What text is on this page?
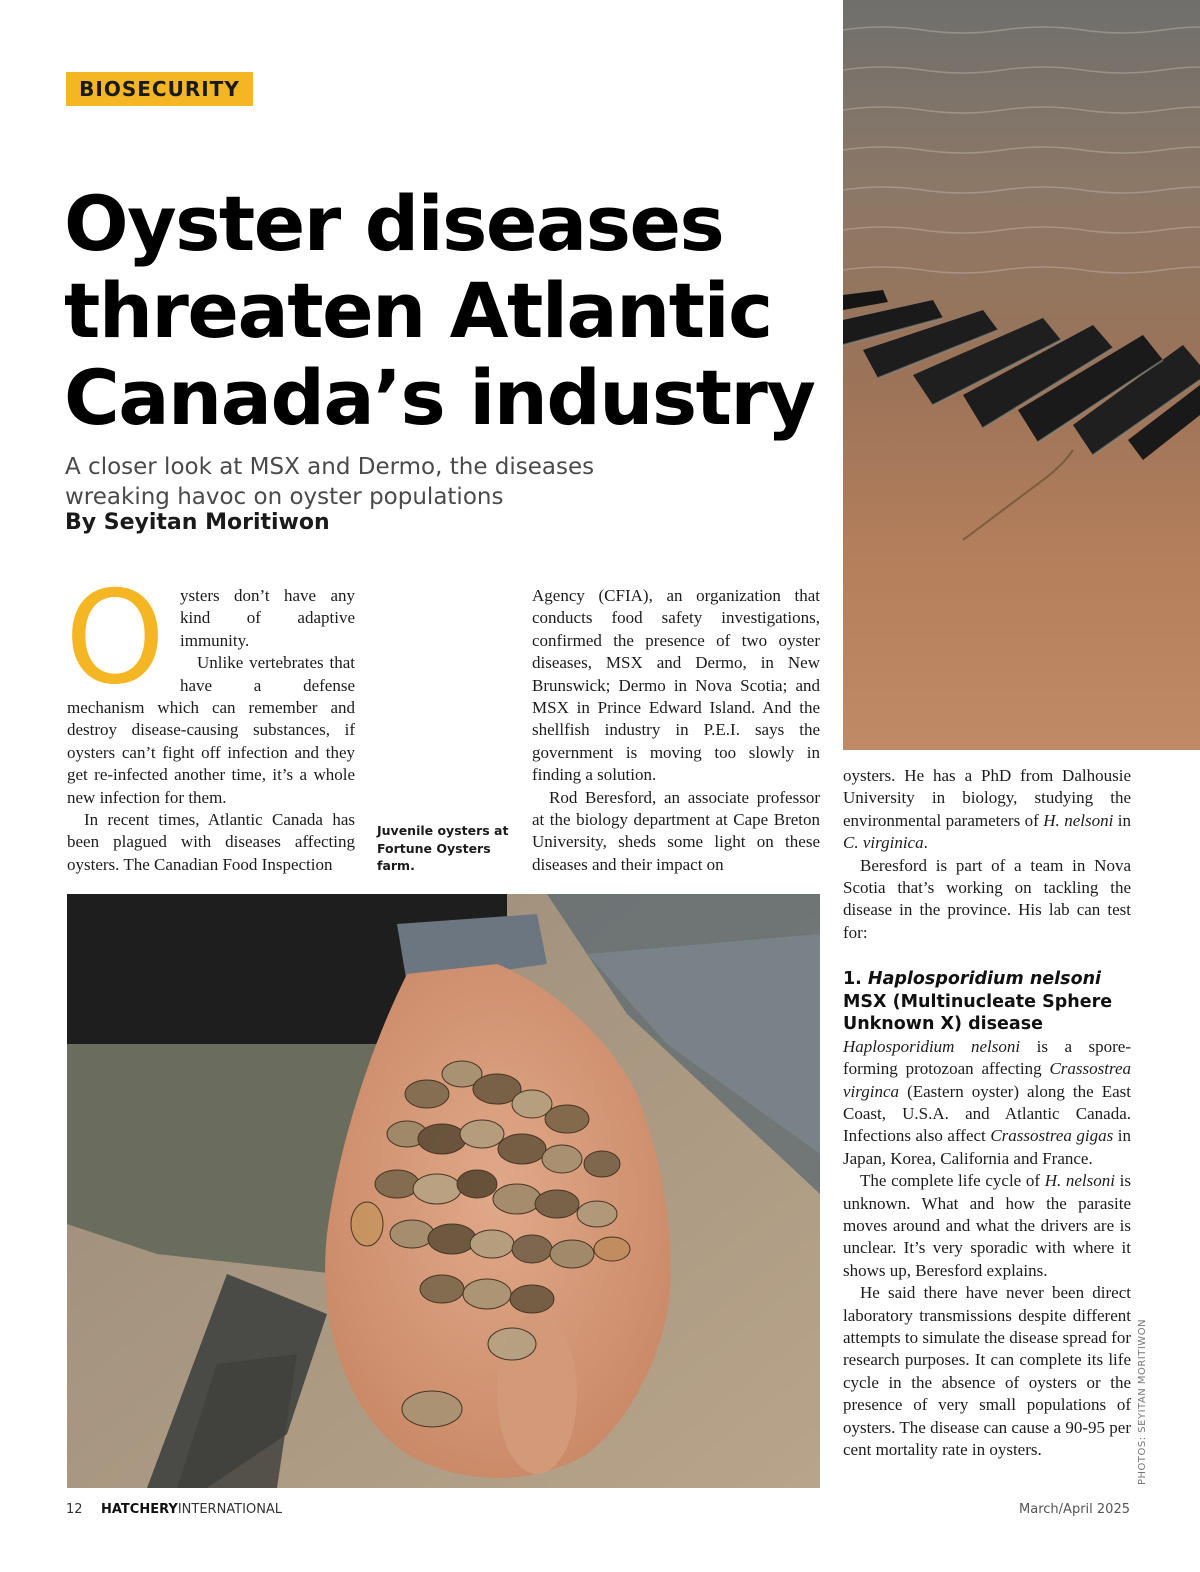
BIOSECURITY
Oyster diseases
threaten Atlantic
Canada’s industry
A closer look at MSX and Dermo, the diseases
wreaking havoc on oyster populations
By Seyitan Moritiwon
O ysters don’t have any kind of adaptive immunity.

Unlike vertebrates that have a defense mechanism which can remember and destroy disease-causing substances, if oysters can’t fight off infection and they get re-infected another time, it’s a whole new infection for them.

In recent times, Atlantic Canada has been plagued with diseases affecting oysters. The Canadian Food Inspection

Juvenile oysters at Fortune Oysters farm.

Agency (CFIA), an organization that conducts food safety investigations, confirmed the presence of two oyster diseases, MSX and Dermo, in New Brunswick; Dermo in Nova Scotia; and MSX in Prince Edward Island. And the shellfish industry in P.E.I. says the government is moving too slowly in finding a solution.

Rod Beresford, an associate professor at the biology department at Cape Breton University, sheds some light on these diseases and their impact on

oysters. He has a PhD from Dalhousie University in biology, studying the environmental parameters of H. nelsoni in C. virginica.

Beresford is part of a team in Nova Scotia that’s working on tackling the disease in the province. His lab can test for:

1. Haplosporidium nelsoni
MSX (Multinucleate Sphere Unknown X) disease

Haplosporidium nelsoni is a spore-forming protozoan affecting Crassostrea virginca (Eastern oyster) along the East Coast, U.S.A. and Atlantic Canada. Infections also affect Crassostrea gigas in Japan, Korea, California and France.

The complete life cycle of H. nelsoni is unknown. What and how the parasite moves around and what the drivers are is unclear. It’s very sporadic with where it shows up, Beresford explains.

He said there have never been direct laboratory transmissions despite different attempts to simulate the disease spread for research purposes. It can complete its life cycle in the absence of oysters or the presence of very small populations of oysters. The disease can cause a 90-95 per cent mortality rate in oysters.	PHOTOS: SEYITAN MORITIWON
12 HATCHERYINTERNATIONAL	March/April 2025
